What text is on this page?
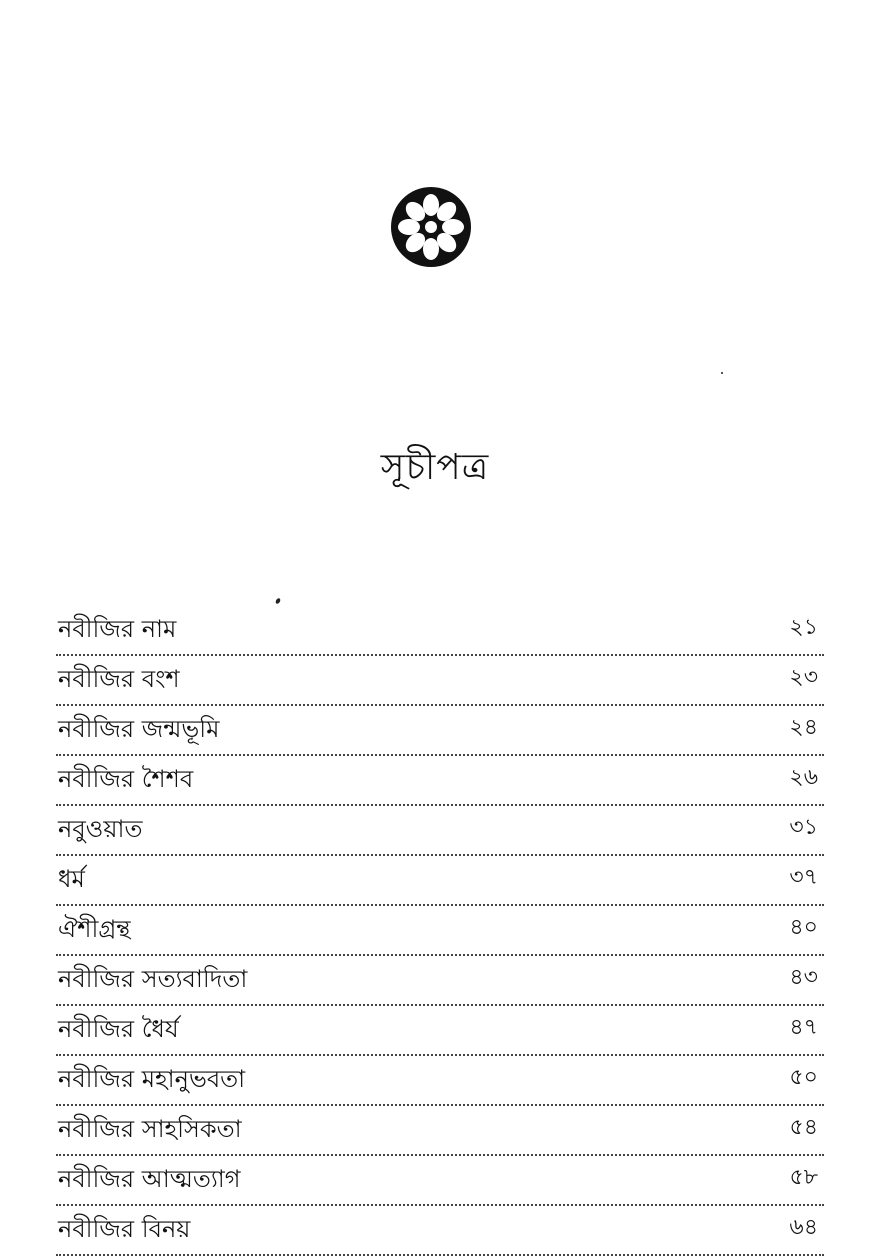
সূচীপত্র
নবীজির নাম	২১
নবীজির বংশ	২৩
নবীজির জন্মভূমি	২৪
নবীজির শৈশব	২৬
নবুওয়াত	৩১
ধর্ম	৩৭
ঐশীগ্রন্থ	৪০
নবীজির সত্যবাদিতা	৪৩
নবীজির ধৈর্য	৪৭
নবীজির মহানুভবতা	৫০
নবীজির সাহসিকতা	৫৪
নবীজির আত্মত্যাগ	৫৮
নবীজির বিনয়	৬৪
